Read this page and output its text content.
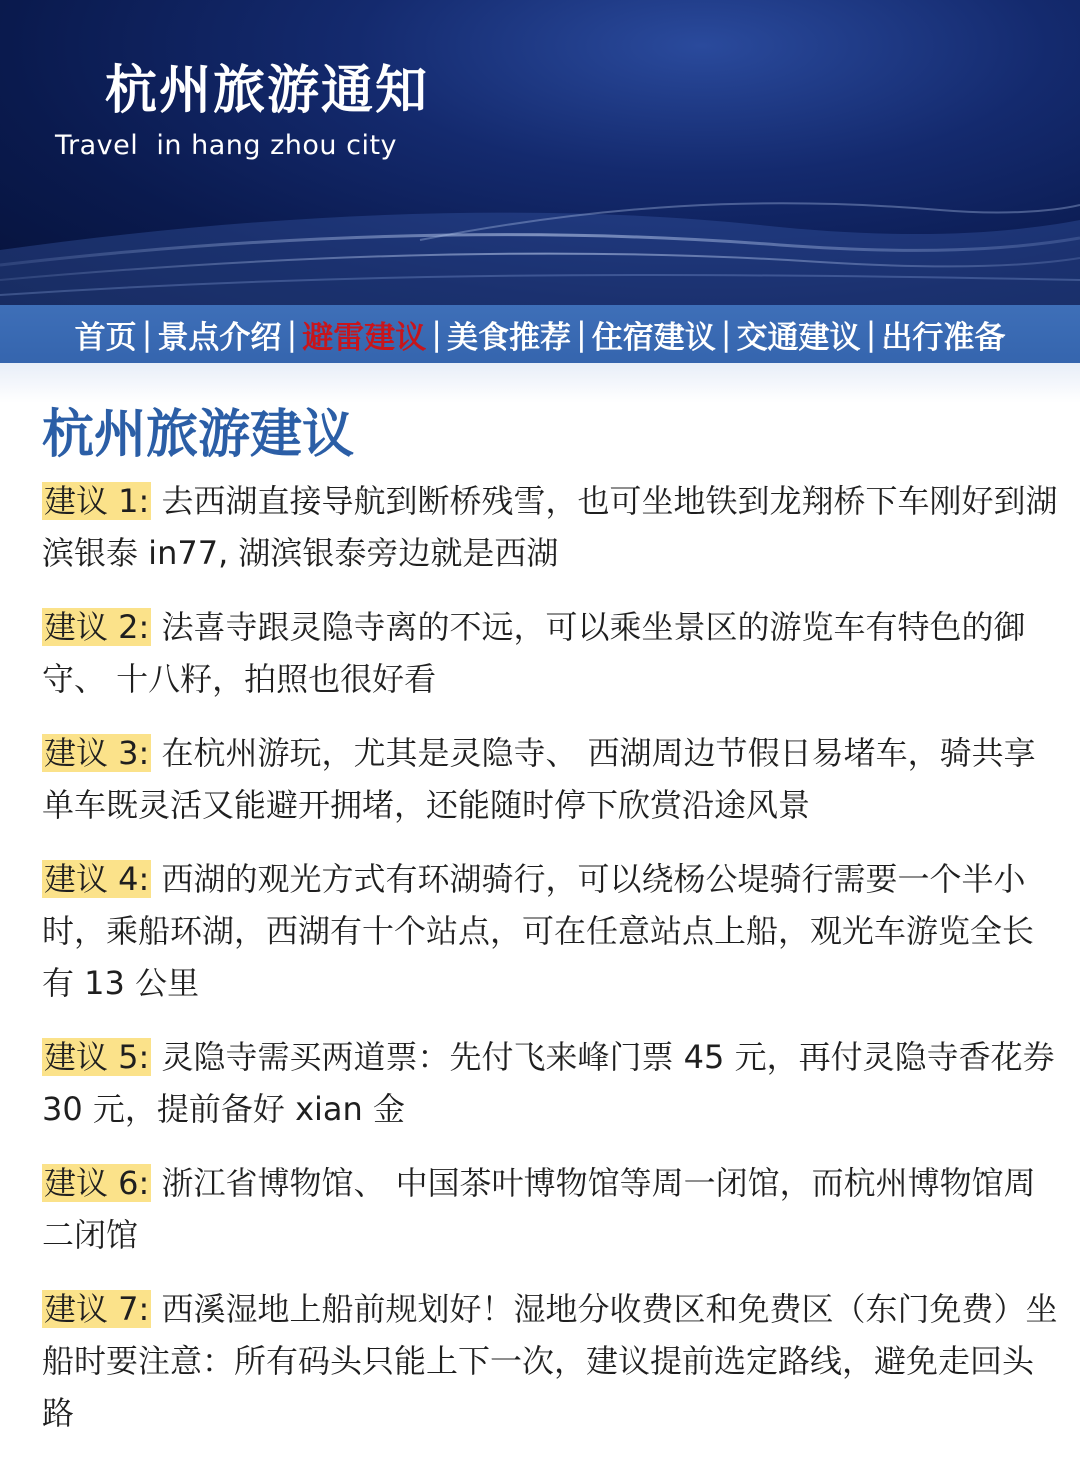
杭州旅游通知
Travel  in hang zhou city
首页 | 景点介绍 | 避雷建议 | 美食推荐 | 住宿建议 | 交通建议 | 出行准备
杭州旅游建议
建议 1: 去西湖直接导航到断桥残雪，也可坐地铁到龙翔桥下车刚好到湖滨银泰 in77, 湖滨银泰旁边就是西湖
建议 2: 法喜寺跟灵隐寺离的不远，可以乘坐景区的游览车有特色的御守、 十八籽，拍照也很好看
建议 3: 在杭州游玩，尤其是灵隐寺、 西湖周边节假日易堵车，骑共享单车既灵活又能避开拥堵，还能随时停下欣赏沿途风景
建议 4: 西湖的观光方式有环湖骑行，可以绕杨公堤骑行需要一个半小时，乘船环湖，西湖有十个站点，可在任意站点上船，观光车游览全长有 13 公里
建议 5: 灵隐寺需买两道票：先付飞来峰门票 45 元，再付灵隐寺香花券 30 元，提前备好 xian 金
建议 6: 浙江省博物馆、 中国茶叶博物馆等周一闭馆，而杭州博物馆周二闭馆
建议 7: 西溪湿地上船前规划好！湿地分收费区和免费区（东门免费）坐船时要注意：所有码头只能上下一次，建议提前选定路线，避免走回头路
